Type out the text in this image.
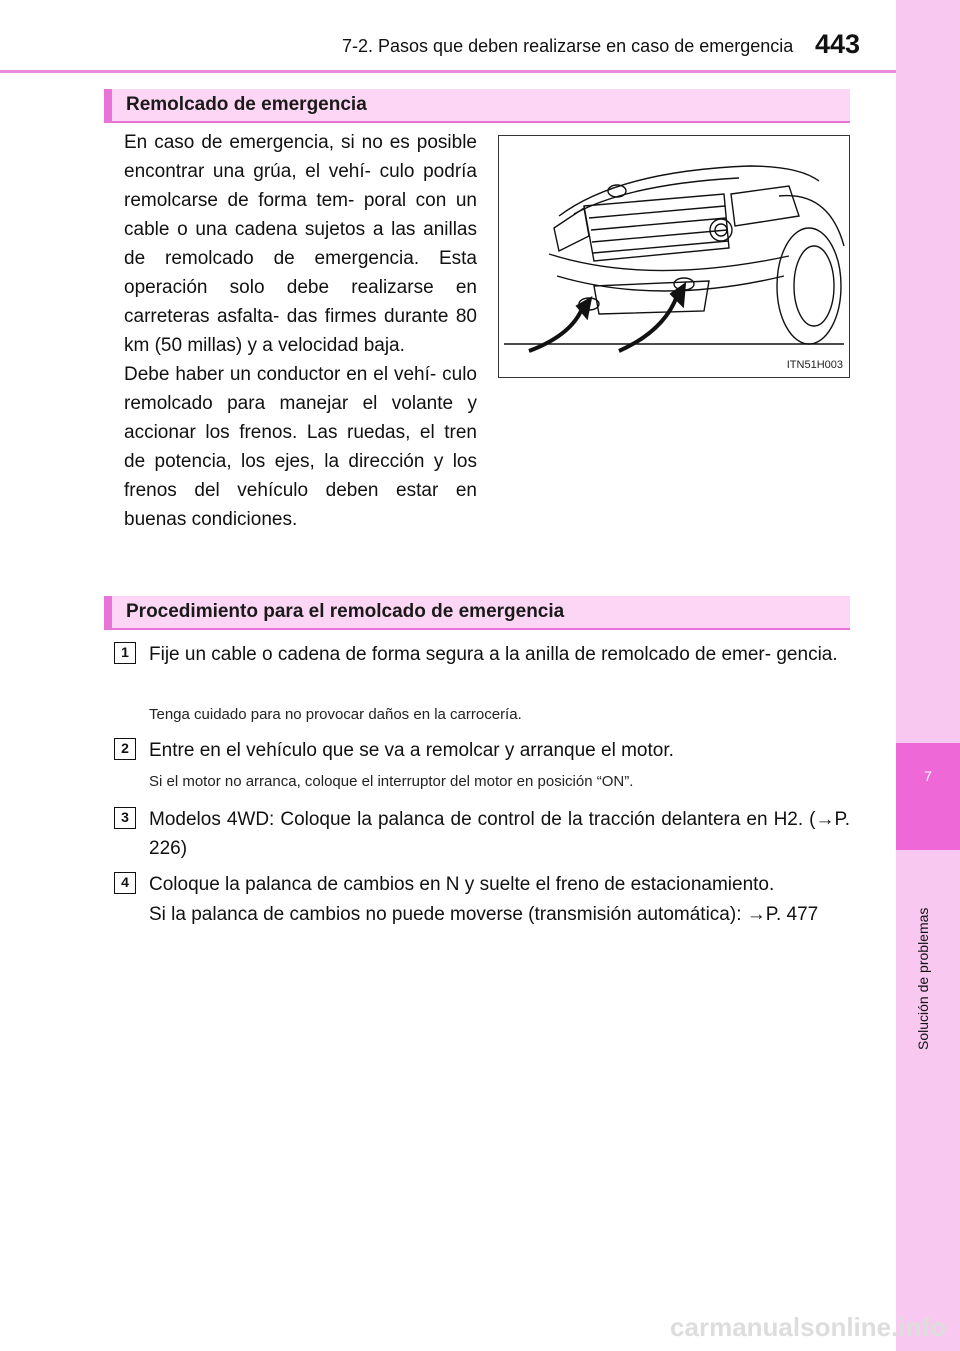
7
Solución de problemas
7-2. Pasos que deben realizarse en caso de emergencia 443
Remolcado de emergencia

En caso de emergencia, si no es posible encontrar una grúa, el vehí- culo podría remolcarse de forma tem- poral con un cable o una cadena sujetos a las anillas de remolcado de emergencia. Esta operación solo debe realizarse en carreteras asfalta- das firmes durante 80 km (50 millas) y a velocidad baja.

Debe haber un conductor en el vehí- culo remolcado para manejar el volante y accionar los frenos. Las ruedas, el tren de potencia, los ejes, la dirección y los frenos del vehículo deben estar en buenas condiciones.

ITN51H003
Procedimiento para el remolcado de emergencia
1	Fije un cable o cadena de forma segura a la anilla de remolcado de emer- gencia.
Tenga cuidado para no provocar daños en la carrocería.
2	Entre en el vehículo que se va a remolcar y arranque el motor.
Si el motor no arranca, coloque el interruptor del motor en posición “ON”.
3	Modelos 4WD: Coloque la palanca de control de la tracción delantera en H2. (→P. 226)
4	Coloque la palanca de cambios en N y suelte el freno de estacionamiento.
Si la palanca de cambios no puede moverse (transmisión automática): →P. 477
carmanualsonline.info
